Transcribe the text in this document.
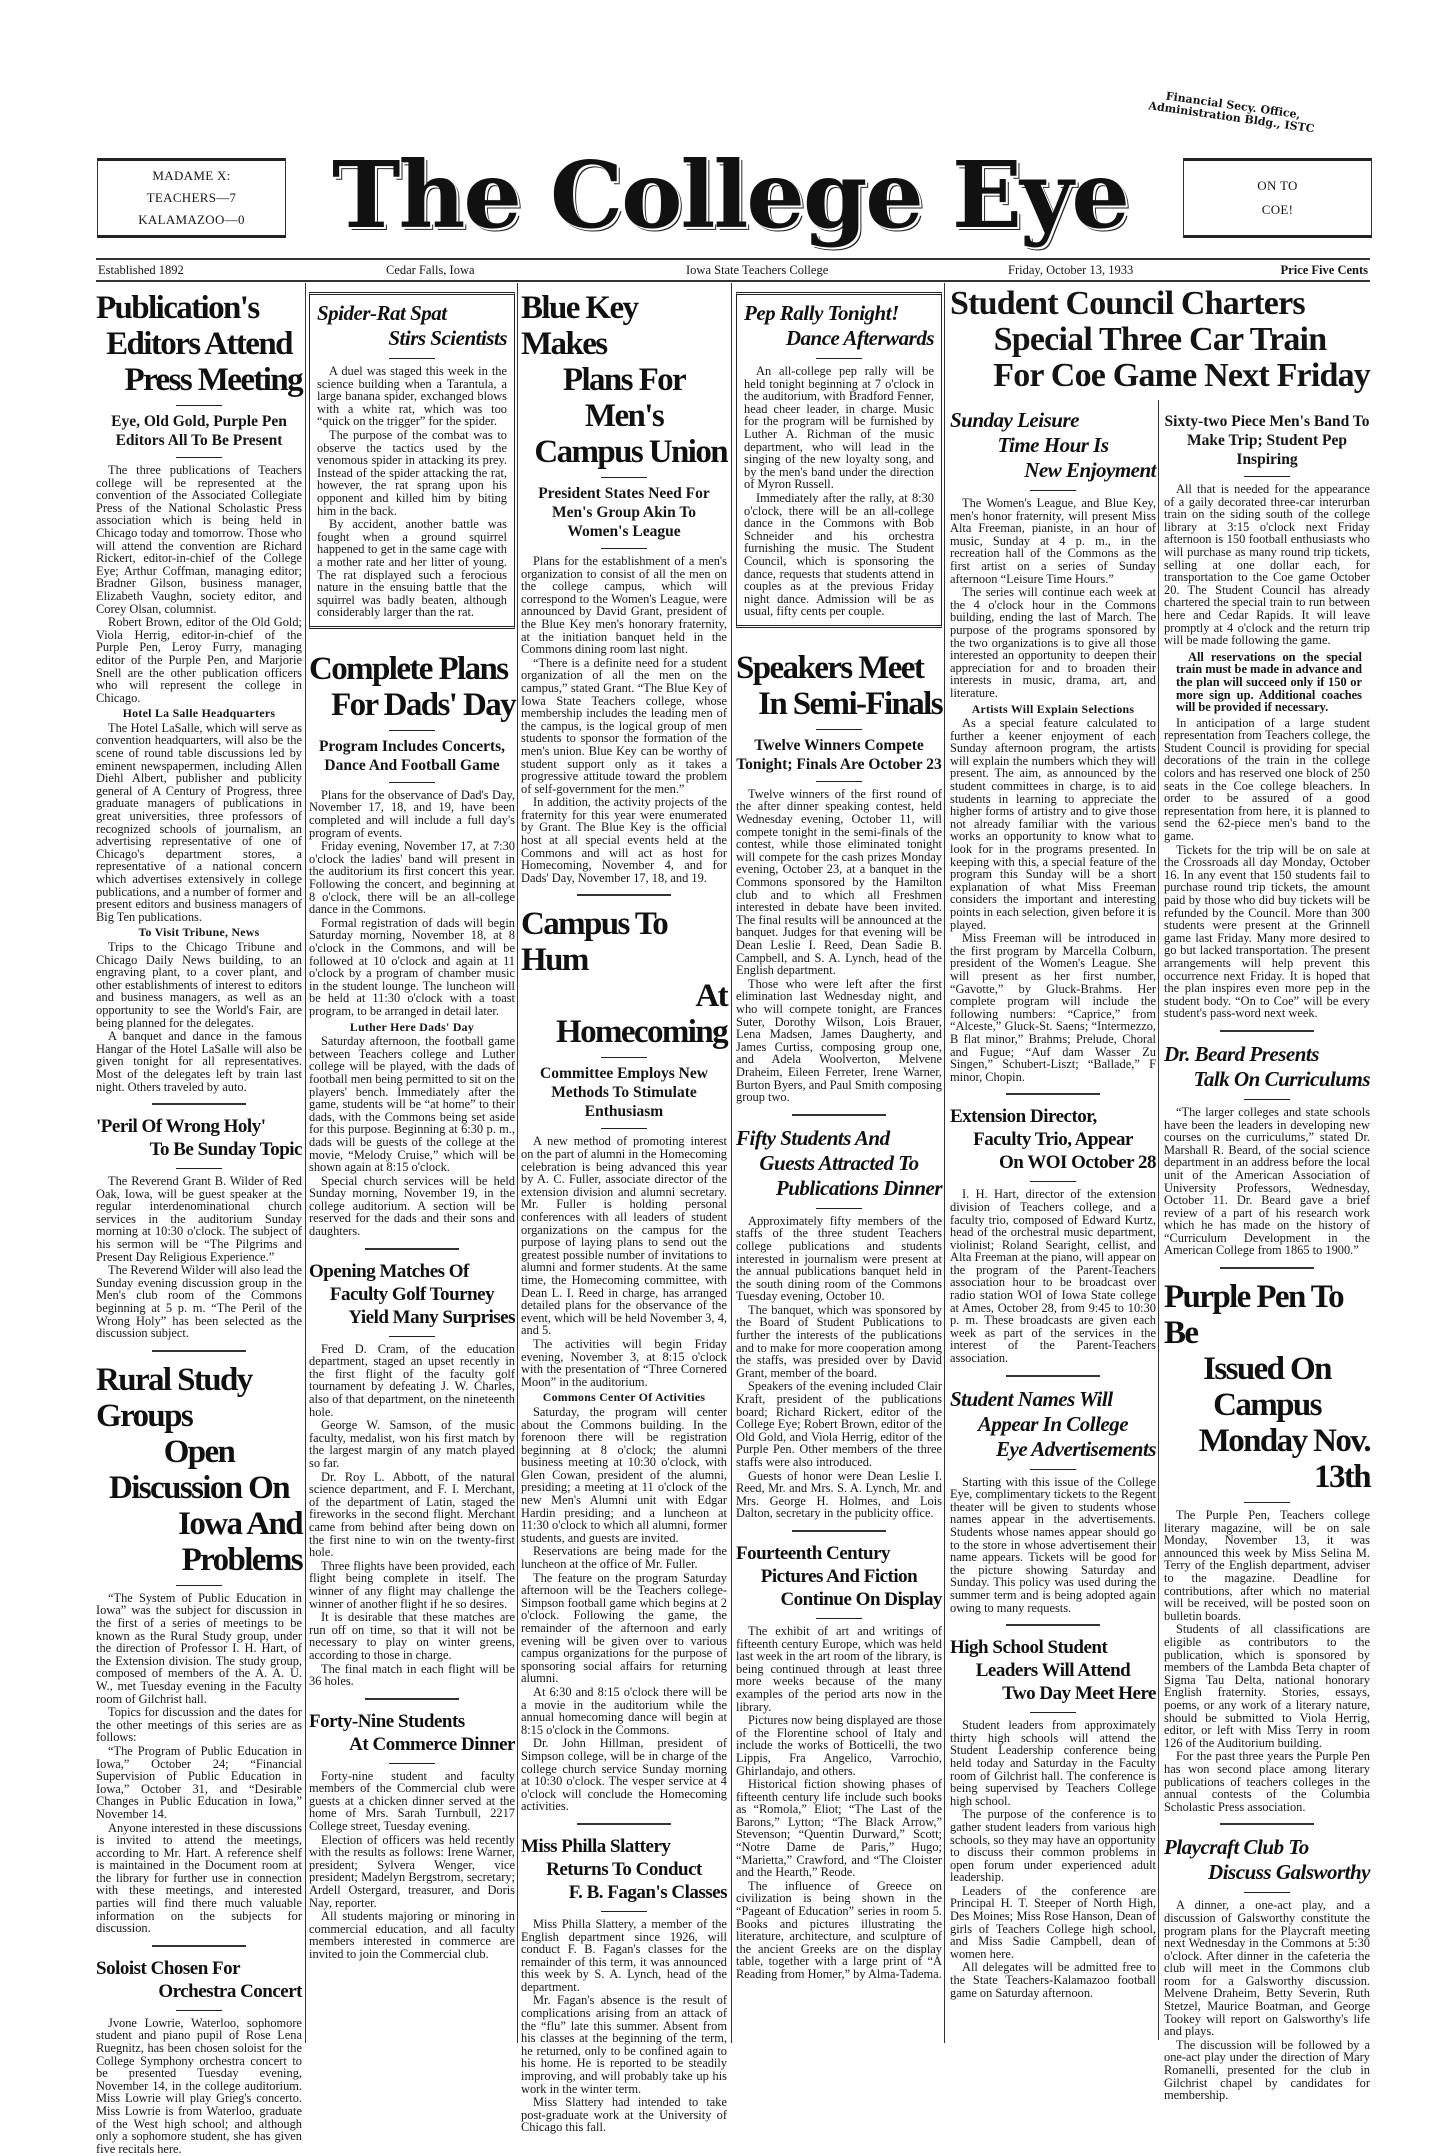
Financial Secy. Office, Administration Bldg., ISTC
MADAME X:
TEACHERS—7
KALAMAZOO—0 The College Eye	ON TO
COE!
Established 1892	Cedar Falls, Iowa	Iowa State Teachers College	Friday, October 13, 1933	Price Five Cents
Student Council Charters
Special Three Car Train
For Coe Game Next Friday
Publication's
Editors Attend
Press Meeting
Eye, Old Gold, Purple Pen Editors All To Be Present

The three publications of Teachers college will be represented at the convention of the Associated Collegiate Press of the National Scholastic Press association which is being held in Chicago today and tomorrow. Those who will attend the convention are Richard Rickert, editor-in-chief of the College Eye; Arthur Coffman, managing editor; Bradner Gilson, business manager, Elizabeth Vaughn, society editor, and Corey Olsan, columnist.

Robert Brown, editor of the Old Gold; Viola Herrig, editor-in-chief of the Purple Pen, Leroy Furry, managing editor of the Purple Pen, and Marjorie Snell are the other publication officers who will represent the college in Chicago.

Hotel La Salle Headquarters

The Hotel LaSalle, which will serve as convention headquarters, will also be the scene of round table discussions led by eminent newspapermen, including Allen Diehl Albert, publisher and publicity general of A Century of Progress, three graduate managers of publications in great universities, three professors of recognized schools of journalism, an advertising representative of one of Chicago's department stores, a representative of a national concern which advertises extensively in college publications, and a number of former and present editors and business managers of Big Ten publications.

To Visit Tribune, News

Trips to the Chicago Tribune and Chicago Daily News building, to an engraving plant, to a cover plant, and other establishments of interest to editors and business managers, as well as an opportunity to see the World's Fair, are being planned for the delegates.

A banquet and dance in the famous Hangar of the Hotel LaSalle will also be given tonight for all representatives. Most of the delegates left by train last night. Others traveled by auto.

'Peril Of Wrong Holy'
To Be Sunday Topic

The Reverend Grant B. Wilder of Red Oak, Iowa, will be guest speaker at the regular interdenominational church services in the auditorium Sunday morning at 10:30 o'clock. The subject of his sermon will be “The Pilgrims and Present Day Religious Experience.”

The Reverend Wilder will also lead the Sunday evening discussion group in the Men's club room of the Commons beginning at 5 p. m. “The Peril of the Wrong Holy” has been selected as the discussion subject.

Rural Study Groups
Open Discussion On
Iowa And Problems

“The System of Public Education in Iowa” was the subject for discussion in the first of a series of meetings to be known as the Rural Study group, under the direction of Professor I. H. Hart, of the Extension division. The study group, composed of members of the A. A. U. W., met Tuesday evening in the Faculty room of Gilchrist hall.

Topics for discussion and the dates for the other meetings of this series are as follows:

“The Program of Public Education in Iowa,” October 24; “Financial Supervision of Public Education in Iowa,” October 31, and “Desirable Changes in Public Education in Iowa,” November 14.

Anyone interested in these discussions is invited to attend the meetings, according to Mr. Hart. A reference shelf is maintained in the Document room at the library for further use in connection with these meetings, and interested parties will find there much valuable information on the subjects for discussion.

Soloist Chosen For
Orchestra Concert

Jvone Lowrie, Waterloo, sophomore student and piano pupil of Rose Lena Ruegnitz, has been chosen soloist for the College Symphony orchestra concert to be presented Tuesday evening, November 14, in the college auditorium. Miss Lowrie will play Grieg's concerto. Miss Lowrie is from Waterloo, graduate of the West high school; and although only a sophomore student, she has given five recitals here.

Spider-Rat Spat
Stirs Scientists

A duel was staged this week in the science building when a Tarantula, a large banana spider, exchanged blows with a white rat, which was too “quick on the trigger” for the spider.

The purpose of the combat was to observe the tactics used by the venomous spider in attacking its prey. Instead of the spider attacking the rat, however, the rat sprang upon his opponent and killed him by biting him in the back.

By accident, another battle was fought when a ground squirrel happened to get in the same cage with a mother rate and her litter of young. The rat displayed such a ferocious nature in the ensuing battle that the squirrel was badly beaten, although considerably larger than the rat.

Complete Plans
For Dads' Day
Program Includes Concerts, Dance And Football Game

Plans for the observance of Dad's Day, November 17, 18, and 19, have been completed and will include a full day's program of events.

Friday evening, November 17, at 7:30 o'clock the ladies' band will present in the auditorium its first concert this year. Following the concert, and beginning at 8 o'clock, there will be an all-college dance in the Commons.

Formal registration of dads will begin Saturday morning, November 18, at 8 o'clock in the Commons, and will be followed at 10 o'clock and again at 11 o'clock by a program of chamber music in the student lounge. The luncheon will be held at 11:30 o'clock with a toast program, to be arranged in detail later.

Luther Here Dads' Day

Saturday afternoon, the football game between Teachers college and Luther college will be played, with the dads of football men being permitted to sit on the players' bench. Immediately after the game, students will be “at home” to their dads, with the Commons being set aside for this purpose. Beginning at 6:30 p. m., dads will be guests of the college at the movie, “Melody Cruise,” which will be shown again at 8:15 o'clock.

Special church services will be held Sunday morning, November 19, in the college auditorium. A section will be reserved for the dads and their sons and daughters.

Opening Matches Of
Faculty Golf Tourney
Yield Many Surprises

Fred D. Cram, of the education department, staged an upset recently in the first flight of the faculty golf tournament by defeating J. W. Charles, also of that department, on the nineteenth hole.

George W. Samson, of the music faculty, medalist, won his first match by the largest margin of any match played so far.

Dr. Roy L. Abbott, of the natural science department, and F. I. Merchant, of the department of Latin, staged the fireworks in the second flight. Merchant came from behind after being down on the first nine to win on the twenty-first hole.

Three flights have been provided, each flight being complete in itself. The winner of any flight may challenge the winner of another flight if he so desires.

It is desirable that these matches are run off on time, so that it will not be necessary to play on winter greens, according to those in charge.

The final match in each flight will be 36 holes.

Forty-Nine Students
At Commerce Dinner

Forty-nine student and faculty members of the Commercial club were guests at a chicken dinner served at the home of Mrs. Sarah Turnbull, 2217 College street, Tuesday evening.

Election of officers was held recently with the results as follows: Irene Warner, president; Sylvera Wenger, vice president; Madelyn Bergstrom, secretary; Ardell Ostergard, treasurer, and Doris Nay, reporter.

All students majoring or minoring in commercial education, and all faculty members interested in commerce are invited to join the Commercial club.

Blue Key Makes
Plans For Men's
Campus Union
President States Need For Men's Group Akin To Women's League

Plans for the establishment of a men's organization to consist of all the men on the college campus, which will correspond to the Women's League, were announced by David Grant, president of the Blue Key men's honorary fraternity, at the initiation banquet held in the Commons dining room last night.

“There is a definite need for a student organization of all the men on the campus,” stated Grant. “The Blue Key of Iowa State Teachers college, whose membership includes the leading men of the campus, is the logical group of men students to sponsor the formation of the men's union. Blue Key can be worthy of student support only as it takes a progressive attitude toward the problem of self-government for the men.”

In addition, the activity projects of the fraternity for this year were enumerated by Grant. The Blue Key is the official host at all special events held at the Commons and will act as host for Homecoming, November 4, and for Dads' Day, November 17, 18, and 19.

Campus To Hum
At Homecoming
Committee Employs New Methods To Stimulate Enthusiasm

A new method of promoting interest on the part of alumni in the Homecoming celebration is being advanced this year by A. C. Fuller, associate director of the extension division and alumni secretary. Mr. Fuller is holding personal conferences with all leaders of student organizations on the campus for the purpose of laying plans to send out the greatest possible number of invitations to alumni and former students. At the same time, the Homecoming committee, with Dean L. I. Reed in charge, has arranged detailed plans for the observance of the event, which will be held November 3, 4, and 5.

The activities will begin Friday evening, November 3, at 8:15 o'clock with the presentation of “Three Cornered Moon” in the auditorium.

Commons Center Of Activities

Saturday, the program will center about the Commons building. In the forenoon there will be registration beginning at 8 o'clock; the alumni business meeting at 10:30 o'clock, with Glen Cowan, president of the alumni, presiding; a meeting at 11 o'clock of the new Men's Alumni unit with Edgar Hardin presiding; and a luncheon at 11:30 o'clock to which all alumni, former students, and guests are invited.

Reservations are being made for the luncheon at the office of Mr. Fuller.

The feature on the program Saturday afternoon will be the Teachers college-Simpson football game which begins at 2 o'clock. Following the game, the remainder of the afternoon and early evening will be given over to various campus organizations for the purpose of sponsoring social affairs for returning alumni.

At 6:30 and 8:15 o'clock there will be a movie in the auditorium while the annual homecoming dance will begin at 8:15 o'clock in the Commons.

Dr. John Hillman, president of Simpson college, will be in charge of the college church service Sunday morning at 10:30 o'clock. The vesper service at 4 o'clock will conclude the Homecoming activities.

Miss Philla Slattery
Returns To Conduct
F. B. Fagan's Classes

Miss Philla Slattery, a member of the English department since 1926, will conduct F. B. Fagan's classes for the remainder of this term, it was announced this week by S. A. Lynch, head of the department.

Mr. Fagan's absence is the result of complications arising from an attack of the “flu” late this summer. Absent from his classes at the beginning of the term, he returned, only to be confined again to his home. He is reported to be steadily improving, and will probably take up his work in the winter term.

Miss Slattery had intended to take post-graduate work at the University of Chicago this fall.

Pep Rally Tonight!
Dance Afterwards

An all-college pep rally will be held tonight beginning at 7 o'clock in the auditorium, with Bradford Fenner, head cheer leader, in charge. Music for the program will be furnished by Luther A. Richman of the music department, who will lead in the singing of the new loyalty song, and by the men's band under the direction of Myron Russell.

Immediately after the rally, at 8:30 o'clock, there will be an all-college dance in the Commons with Bob Schneider and his orchestra furnishing the music. The Student Council, which is sponsoring the dance, requests that students attend in couples as at the previous Friday night dance. Admission will be as usual, fifty cents per couple.

Speakers Meet
In Semi-Finals
Twelve Winners Compete Tonight; Finals Are October 23

Twelve winners of the first round of the after dinner speaking contest, held Wednesday evening, October 11, will compete tonight in the semi-finals of the contest, while those eliminated tonight will compete for the cash prizes Monday evening, October 23, at a banquet in the Commons sponsored by the Hamilton club and to which all Freshmen interested in debate have been invited. The final results will be announced at the banquet. Judges for that evening will be Dean Leslie I. Reed, Dean Sadie B. Campbell, and S. A. Lynch, head of the English department.

Those who were left after the first elimination last Wednesday night, and who will compete tonight, are Frances Suter, Dorothy Wilson, Lois Brauer, Lena Madsen, James Daugherty, and James Curtiss, composing group one, and Adela Woolverton, Melvene Draheim, Eileen Ferreter, Irene Warner, Burton Byers, and Paul Smith composing group two.

Fifty Students And
Guests Attracted To
Publications Dinner

Approximately fifty members of the staffs of the three student Teachers college publications and students interested in journalism were present at the annual publications banquet held in the south dining room of the Commons Tuesday evening, October 10.

The banquet, which was sponsored by the Board of Student Publications to further the interests of the publications and to make for more cooperation among the staffs, was presided over by David Grant, member of the board.

Speakers of the evening included Clair Kraft, president of the publications board; Richard Rickert, editor of the College Eye; Robert Brown, editor of the Old Gold, and Viola Herrig, editor of the Purple Pen. Other members of the three staffs were also introduced.

Guests of honor were Dean Leslie I. Reed, Mr. and Mrs. S. A. Lynch, Mr. and Mrs. George H. Holmes, and Lois Dalton, secretary in the publicity office.

Fourteenth Century
Pictures And Fiction
Continue On Display

The exhibit of art and writings of fifteenth century Europe, which was held last week in the art room of the library, is being continued through at least three more weeks because of the many examples of the period arts now in the library.

Pictures now being displayed are those of the Florentine school of Italy and include the works of Botticelli, the two Lippis, Fra Angelico, Varrochio, Ghirlandajo, and others.

Historical fiction showing phases of fifteenth century life include such books as “Romola,” Eliot; “The Last of the Barons,” Lytton; “The Black Arrow,” Stevenson; “Quentin Durward,” Scott; “Notre Dame de Paris,” Hugo; “Marietta,” Crawford, and “The Cloister and the Hearth,” Reode.

The influence of Greece on civilization is being shown in the “Pageant of Education” series in room 5. Books and pictures illustrating the literature, architecture, and sculpture of the ancient Greeks are on the display table, together with a large print of “A Reading from Homer,” by Alma-Tadema.

Sunday Leisure
Time Hour Is
New Enjoyment

The Women's League, and Blue Key, men's honor fraternity, will present Miss Alta Freeman, pianiste, in an hour of music, Sunday at 4 p. m., in the recreation hall of the Commons as the first artist on a series of Sunday afternoon “Leisure Time Hours.”

The series will continue each week at the 4 o'clock hour in the Commons building, ending the last of March. The purpose of the programs sponsored by the two organizations is to give all those interested an opportunity to deepen their appreciation for and to broaden their interests in music, drama, art, and literature.

Artists Will Explain Selections

As a special feature calculated to further a keener enjoyment of each Sunday afternoon program, the artists will explain the numbers which they will present. The aim, as announced by the student committees in charge, is to aid students in learning to appreciate the higher forms of artistry and to give those not already familiar with the various works an opportunity to know what to look for in the programs presented. In keeping with this, a special feature of the program this Sunday will be a short explanation of what Miss Freeman considers the important and interesting points in each selection, given before it is played.

Miss Freeman will be introduced in the first program by Marcella Colburn, president of the Women's League. She will present as her first number, “Gavotte,” by Gluck-Brahms. Her complete program will include the following numbers: “Caprice,” from “Alceste,” Gluck-St. Saens; “Intermezzo, B flat minor,” Brahms; Prelude, Choral and Fugue; “Auf dam Wasser Zu Singen,” Schubert-Liszt; “Ballade,” F minor, Chopin.

Extension Director,
Faculty Trio, Appear
On WOI October 28

I. H. Hart, director of the extension division of Teachers college, and a faculty trio, composed of Edward Kurtz, head of the orchestral music department, violinist; Roland Searight, cellist, and Alta Freeman at the piano, will appear on the program of the Parent-Teachers association hour to be broadcast over radio station WOI of Iowa State college at Ames, October 28, from 9:45 to 10:30 p. m. These broadcasts are given each week as part of the services in the interest of the Parent-Teachers association.

Student Names Will
Appear In College
Eye Advertisements

Starting with this issue of the College Eye, complimentary tickets to the Regent theater will be given to students whose names appear in the advertisements. Students whose names appear should go to the store in whose advertisement their name appears. Tickets will be good for the picture showing Saturday and Sunday. This policy was used during the summer term and is being adopted again owing to many requests.

High School Student
Leaders Will Attend
Two Day Meet Here

Student leaders from approximately thirty high schools will attend the Student Leadership conference being held today and Saturday in the Faculty room of Gilchrist hall. The conference is being supervised by Teachers College high school.

The purpose of the conference is to gather student leaders from various high schools, so they may have an opportunity to discuss their common problems in open forum under experienced adult leadership.

Leaders of the conference are Principal H. T. Steeper of North High, Des Moines; Miss Rose Hanson, Dean of girls of Teachers College high school, and Miss Sadie Campbell, dean of women here.

All delegates will be admitted free to the State Teachers-Kalamazoo football game on Saturday afternoon.

Sixty-two Piece Men's Band To Make Trip; Student Pep Inspiring

All that is needed for the appearance of a gaily decorated three-car interurban train on the siding south of the college library at 3:15 o'clock next Friday afternoon is 150 football enthusiasts who will purchase as many round trip tickets, selling at one dollar each, for transportation to the Coe game October 20. The Student Council has already chartered the special train to run between here and Cedar Rapids. It will leave promptly at 4 o'clock and the return trip will be made following the game.

All reservations on the special train must be made in advance and the plan will succeed only if 150 or more sign up. Additional coaches will be provided if necessary.

In anticipation of a large student representation from Teachers college, the Student Council is providing for special decorations of the train in the college colors and has reserved one block of 250 seats in the Coe college bleachers. In order to be assured of a good representation from here, it is planned to send the 62-piece men's band to the game.

Tickets for the trip will be on sale at the Crossroads all day Monday, October 16. In any event that 150 students fail to purchase round trip tickets, the amount paid by those who did buy tickets will be refunded by the Council. More than 300 students were present at the Grinnell game last Friday. Many more desired to go but lacked transportation. The present arrangements will help prevent this occurrence next Friday. It is hoped that the plan inspires even more pep in the student body. “On to Coe” will be every student's pass-word next week.

Dr. Beard Presents
Talk On Curriculums

“The larger colleges and state schools have been the leaders in developing new courses on the curriculums,” stated Dr. Marshall R. Beard, of the social science department in an address before the local unit of the American Association of University Professors, Wednesday, October 11. Dr. Beard gave a brief review of a part of his research work which he has made on the history of “Curriculum Development in the American College from 1865 to 1900.”

Purple Pen To Be
Issued On Campus
Monday Nov. 13th

The Purple Pen, Teachers college literary magazine, will be on sale Monday, November 13, it was announced this week by Miss Selina M. Terry of the English department, adviser to the magazine. Deadline for contributions, after which no material will be received, will be posted soon on bulletin boards.

Students of all classifications are eligible as contributors to the publication, which is sponsored by members of the Lambda Beta chapter of Sigma Tau Delta, national honorary English fraternity. Stories, essays, poems, or any work of a literary nature, should be submitted to Viola Herrig, editor, or left with Miss Terry in room 126 of the Auditorium building.

For the past three years the Purple Pen has won second place among literary publications of teachers colleges in the annual contests of the Columbia Scholastic Press association.

Playcraft Club To
Discuss Galsworthy

A dinner, a one-act play, and a discussion of Galsworthy constitute the program plans for the Playcraft meeting next Wednesday in the Commons at 5:30 o'clock. After dinner in the cafeteria the club will meet in the Commons club room for a Galsworthy discussion. Melvene Draheim, Betty Severin, Ruth Stetzel, Maurice Boatman, and George Tookey will report on Galsworthy's life and plays.

The discussion will be followed by a one-act play under the direction of Mary Romanelli, presented for the club in Gilchrist chapel by candidates for membership.
